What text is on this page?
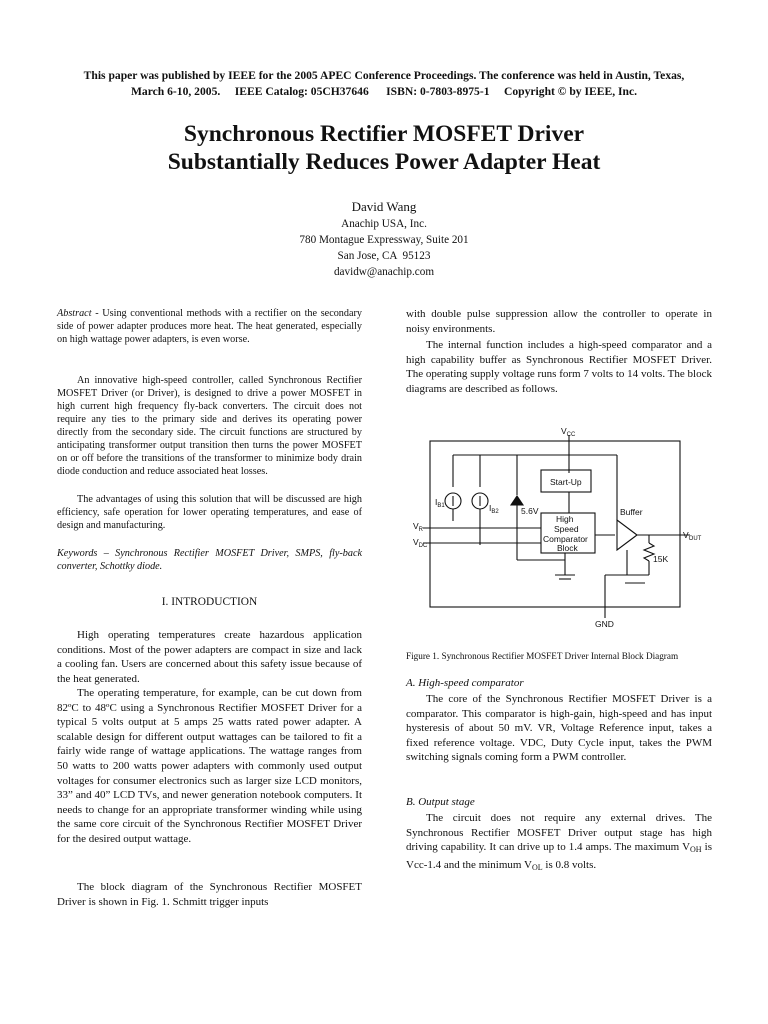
This paper was published by IEEE for the 2005 APEC Conference Proceedings. The conference was held in Austin, Texas,
March 6-10, 2005.     IEEE Catalog: 05CH37646      ISBN: 0-7803-8975-1     Copyright © by IEEE, Inc.
Synchronous Rectifier MOSFET Driver
Substantially Reduces Power Adapter Heat
David Wang
Anachip USA, Inc.
780 Montague Expressway, Suite 201
San Jose, CA  95123
davidw@anachip.com

Abstract - Using conventional methods with a rectifier on the secondary side of power adapter produces more heat. The heat generated, especially on high wattage power adapters, is even worse.

An innovative high-speed controller, called Synchronous Rectifier MOSFET Driver (or Driver), is designed to drive a power MOSFET in high current high frequency fly-back converters. The circuit does not require any ties to the primary side and derives its operating power directly from the secondary side. The circuit functions are structured by anticipating transformer output transition then turns the power MOSFET on or off before the transitions of the transformer to minimize body drain diode conduction and reduce associated heat losses.
The advantages of using this solution that will be discussed are high efficiency, safe operation for lower operating temperatures, and ease of design and manufacturing.
Keywords – Synchronous Rectifier MOSFET Driver, SMPS, fly-back converter, Schottky diode.
I. INTRODUCTION
High operating temperatures create hazardous application conditions. Most of the power adapters are compact in size and lack a cooling fan. Users are concerned about this safety issue because of the heat generated.
The operating temperature, for example, can be cut down from 82ºC to 48ºC using a Synchronous Rectifier MOSFET Driver for a typical 5 volts output at 5 amps 25 watts rated power adapter. A scalable design for different output wattages can be tailored to fit a fairly wide range of wattage applications. The wattage ranges from 50 watts to 200 watts power adapters with commonly used output voltages for consumer electronics such as larger size LCD monitors, 33” and 40” LCD TVs, and newer generation notebook computers. It needs to change for an appropriate transformer winding while using the same core circuit of the Synchronous Rectifier MOSFET Driver for the desired output wattage.
The block diagram of the Synchronous Rectifier MOSFET Driver is shown in Fig. 1. Schmitt trigger inputs
with double pulse suppression allow the controller to operate in noisy environments.
The internal function includes a high-speed comparator and a high capability buffer as Synchronous Rectifier MOSFET Driver. The operating supply voltage runs form 7 volts to 14 volts. The block diagrams are described as follows.
$V_{CC}$
Start-Up
$I_{B1}$	$I_{B2}$	5.6V
High
Speed
Comparator
Block
Buffer
$V_R$
$V_{DC}$
$V_{OUT}$
15K
GND
Figure 1. Synchronous Rectifier MOSFET Driver Internal Block Diagram
A. High-speed comparator
The core of the Synchronous Rectifier MOSFET Driver is a comparator. This comparator is high-gain, high-speed and has input hysteresis of about 50 mV. VR, Voltage Reference input, takes a fixed reference voltage. VDC, Duty Cycle input, takes the PWM switching signals coming form a PWM controller.
B. Output stage
The circuit does not require any external drives. The Synchronous Rectifier MOSFET Driver output stage has high driving capability. It can drive up to 1.4 amps. The maximum $V_{OH}$ is Vcc-1.4 and the minimum $V_{OL}$ is 0.8 volts.
